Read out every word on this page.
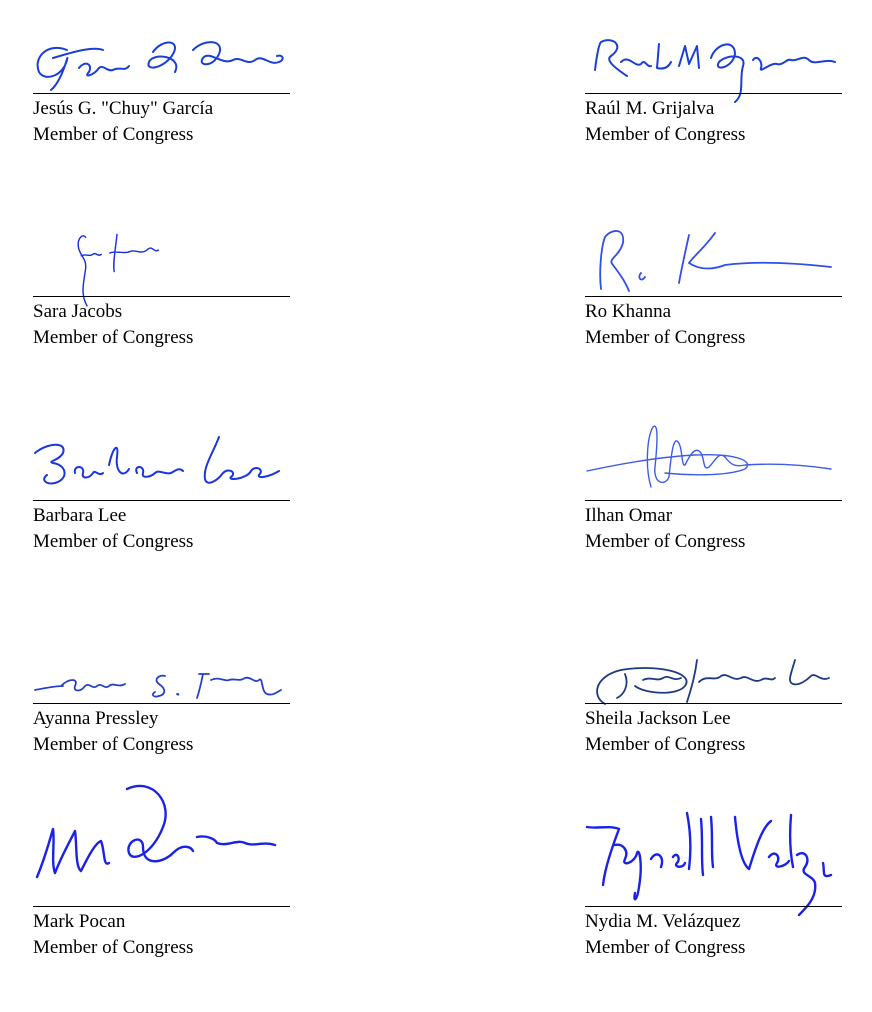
Jesús G. "Chuy" García
Member of Congress
Raúl M. Grijalva
Member of Congress
Sara Jacobs
Member of Congress
Ro Khanna
Member of Congress
Barbara Lee
Member of Congress
Ilhan Omar
Member of Congress
Ayanna Pressley
Member of Congress
Sheila Jackson Lee
Member of Congress
Mark Pocan
Member of Congress
Nydia M. Velázquez
Member of Congress
